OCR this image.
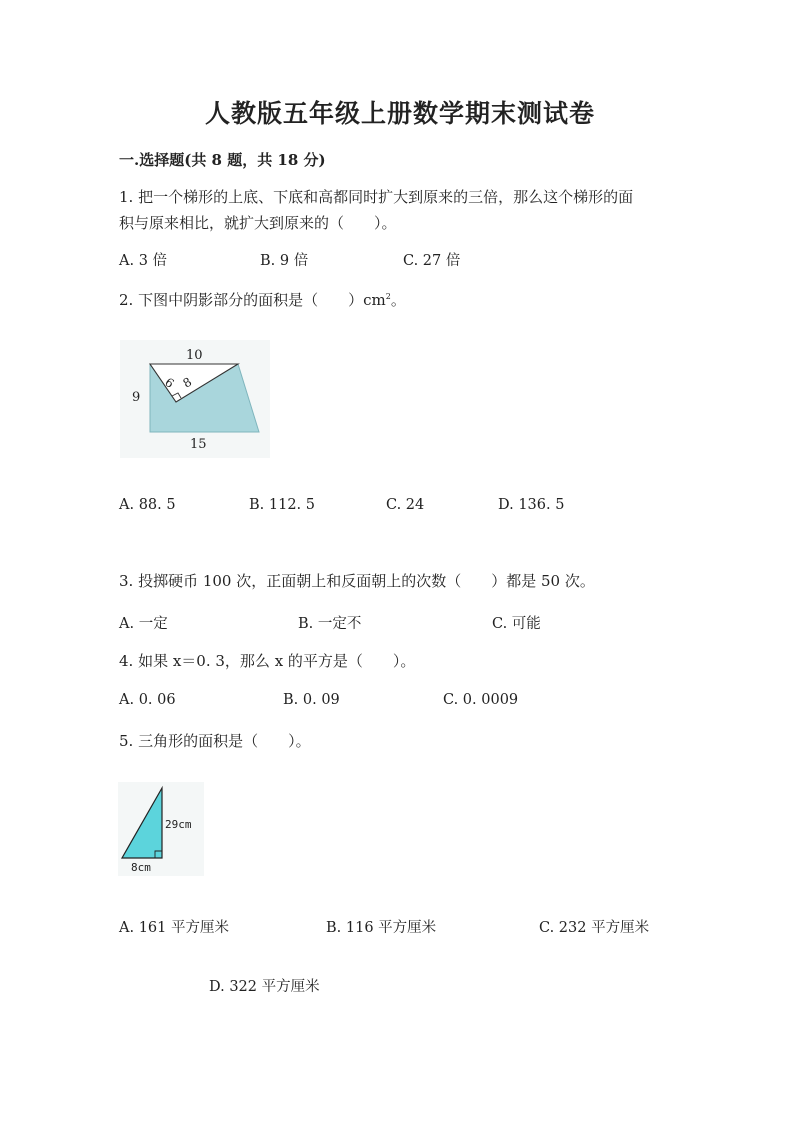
人教版五年级上册数学期末测试卷
一.选择题(共 8 题，共 18 分)
1. 把一个梯形的上底、下底和高都同时扩大到原来的三倍，那么这个梯形的面
积与原来相比，就扩大到原来的（　　）。
A. 3 倍	B. 9 倍	C. 27 倍
2. 下图中阴影部分的面积是（　　）$cm^2$。
10
9
15
6 8
A. 88. 5	B. 112. 5	C. 24	D. 136. 5
3. 投掷硬币 100 次，正面朝上和反面朝上的次数（　　）都是 50 次。
A. 一定	B. 一定不	C. 可能
4. 如果 x＝0. 3，那么 x 的平方是（　　）。
A. 0. 06	B. 0. 09	C. 0. 0009
5. 三角形的面积是（　　）。
29cm
8cm
A. 161 平方厘米	B. 116 平方厘米	C. 232 平方厘米
D. 322 平方厘米
